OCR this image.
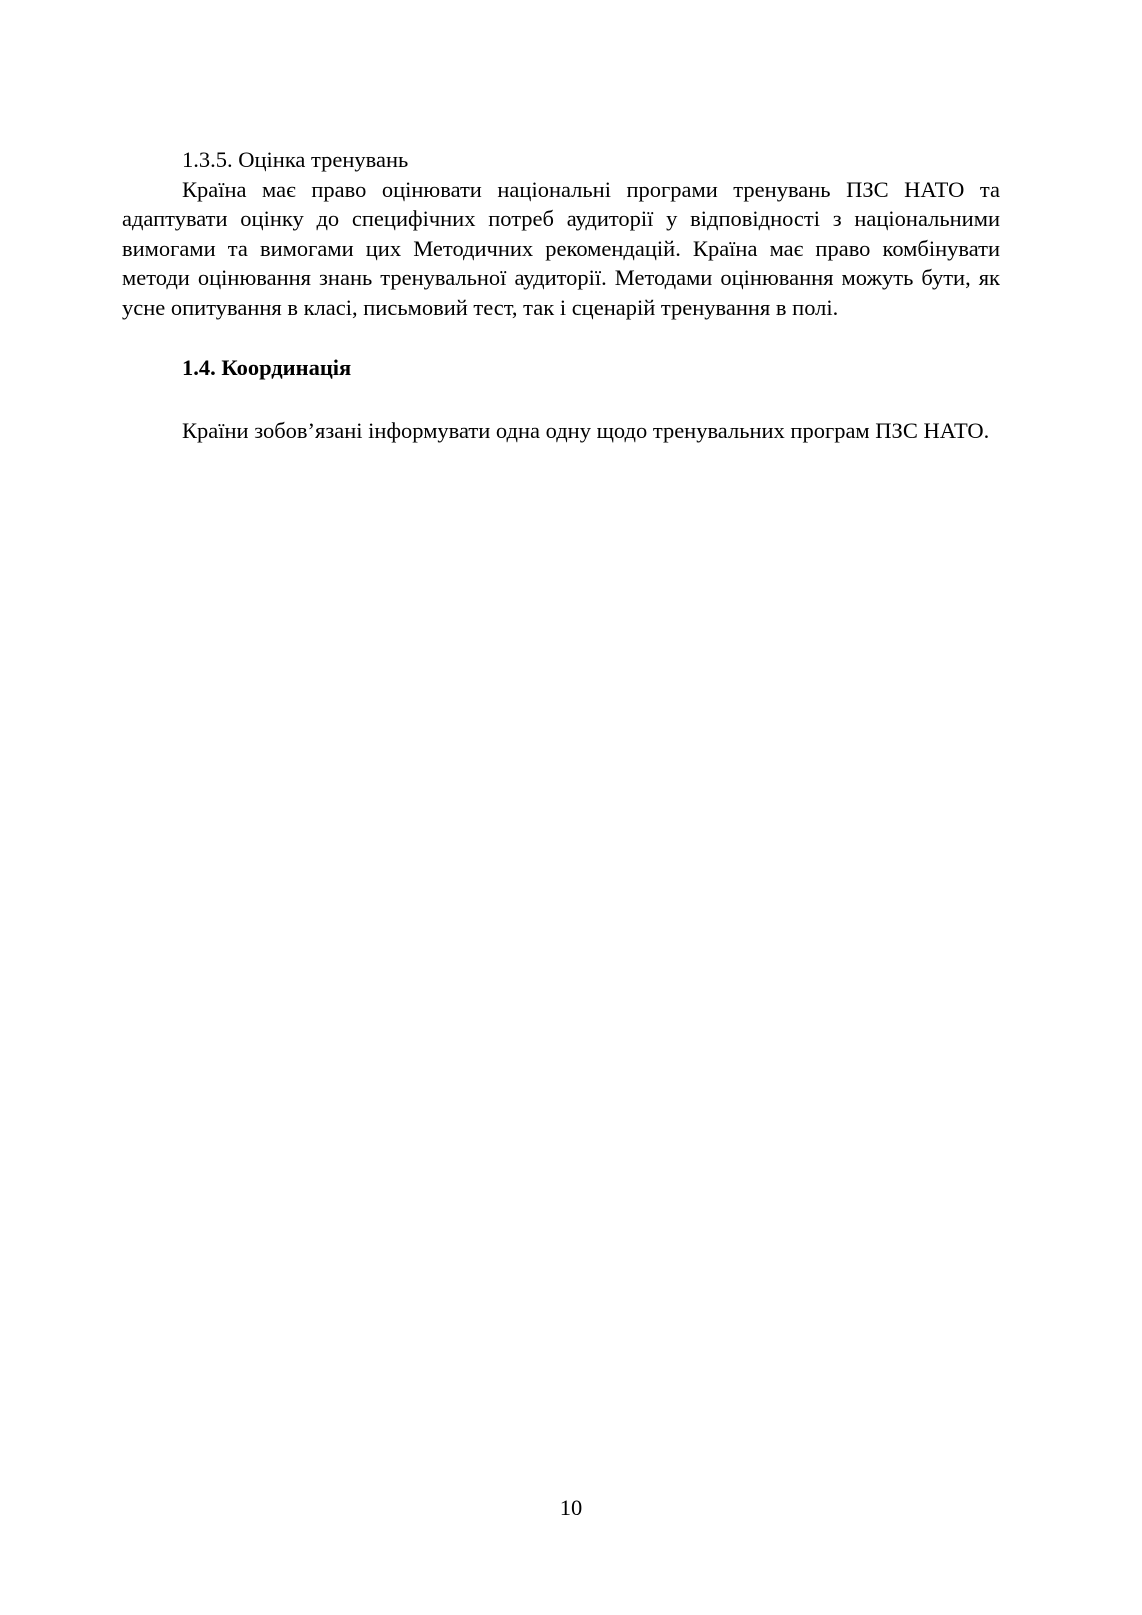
1.3.5. Оцінка тренувань

Країна має право оцінювати національні програми тренувань ПЗС НАТО та адаптувати оцінку до специфічних потреб аудиторії у відповідності з національними вимогами та вимогами цих Методичних рекомендацій. Країна має право комбінувати методи оцінювання знань тренувальної аудиторії. Методами оцінювання можуть бути, як усне опитування в класі, письмовий тест, так і сценарій тренування в полі.

1.4. Координація

Країни зобов’язані інформувати одна одну щодо тренувальних програм ПЗС НАТО.

10
